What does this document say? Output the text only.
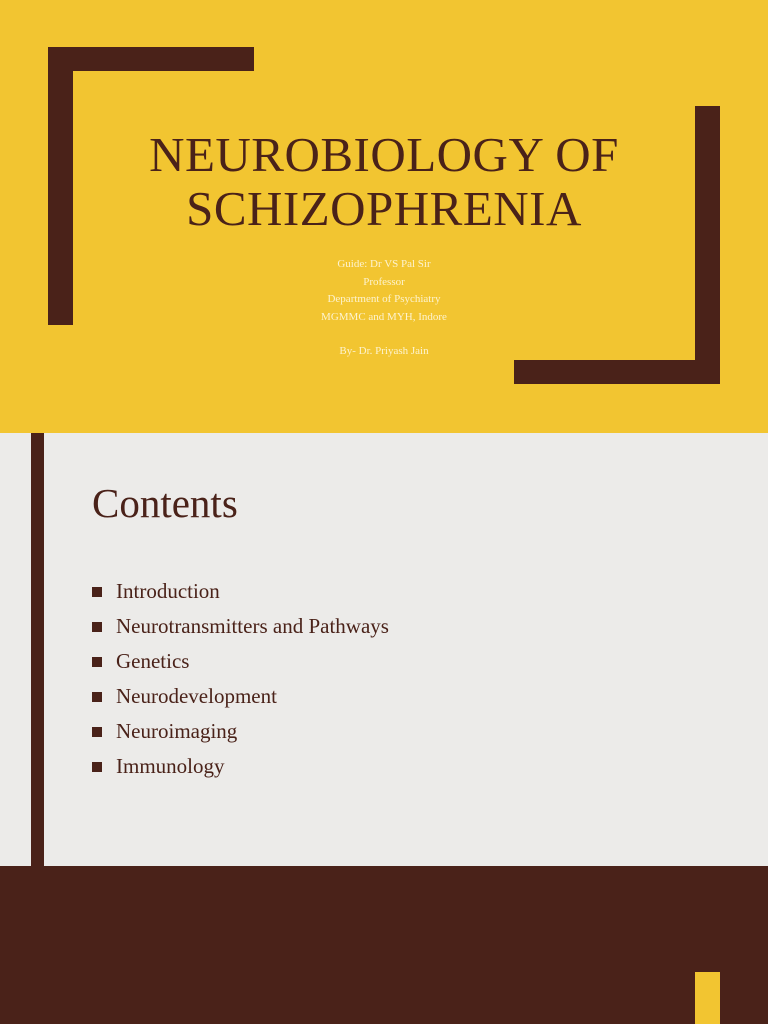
NEUROBIOLOGY OF
SCHIZOPHRENIA
Guide: Dr VS Pal Sir
Professor
Department of Psychiatry
MGMMC and MYH, Indore
By- Dr. Priyash Jain
Contents
Introduction
Neurotransmitters and Pathways
Genetics
Neurodevelopment
Neuroimaging
Immunology
